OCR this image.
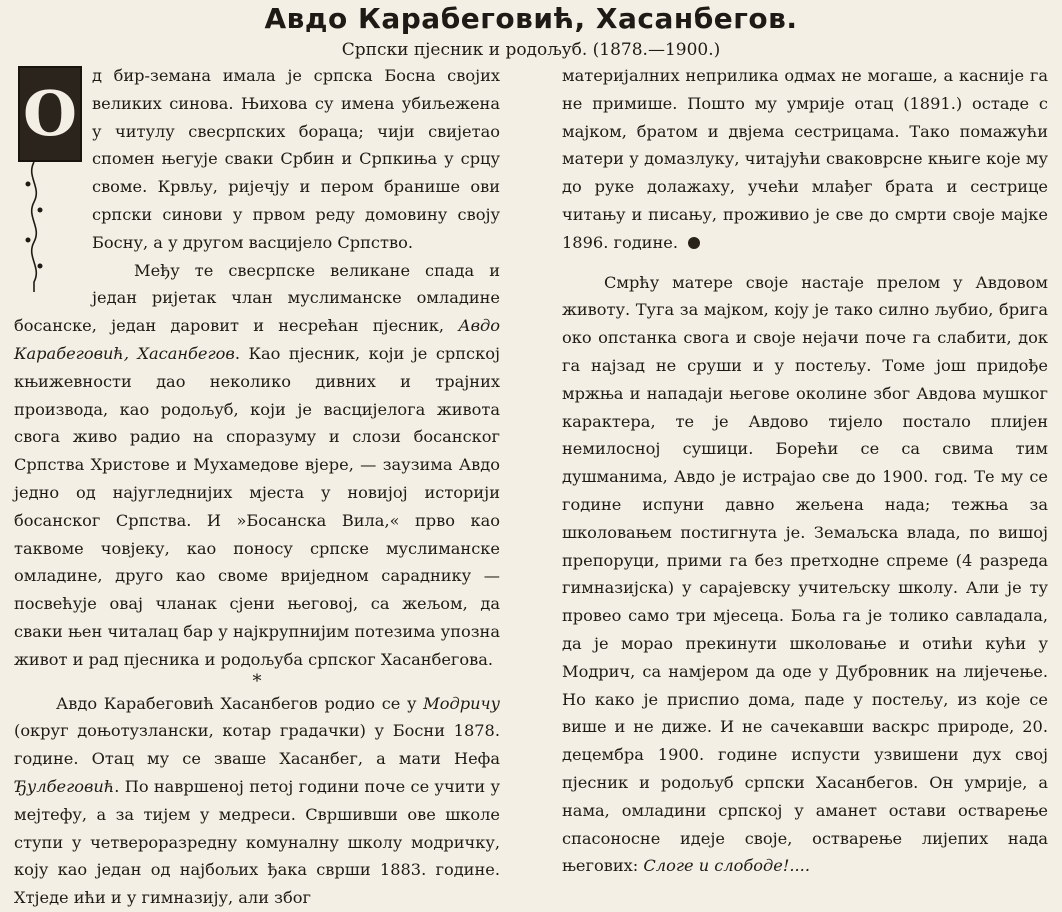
Авдо Карабеговић, Хасанбегов.
Српски пјесник и родољуб. (1878.—1900.)
О

д бир-земана имала је српска Босна својих великих синова. Њихова су имена убиљежена у читулу свесрпских бораца; чији свијетао спомен његује сваки Србин и Српкиња у срцу своме. Крвљу, ријечју и пером бранише ови српски синови у првом реду домовину своју Босну, а у другом васцијело Српство.

Међу те свесрпске великане спада и један ријетак члан муслиманске омладине босанске, један даровит и несрећан пјесник, Авдо Карабеговић, Хасанбегов. Као пјесник, који је српској књижевности дао неколико дивних и трајних производа, као родољуб, који је васцијелога живота свога живо радио на споразуму и слози босанског Српства Христове и Мухамедове вјере, — заузима Авдо једно од најугледнијих мјеста у новијој историји босанског Српства. И »Босанска Вила,« прво као таквоме човјеку, као поносу српске муслиманске омладине, друго као своме вриједном сараднику — посвећује овај чланак сјени његовој, са жељом, да сваки њен читалац бар у најкрупнијим потезима упозна живот и рад пјесника и родољуба српског Хасанбегова.

*

Авдо Карабеговић Хасанбегов родио се у Модричу (округ доњотузлански, котар градачки) у Босни 1878. године. Отац му се зваше Хасанбег, а мати Нефа Ђулбеговић. По навршеној петој години поче се учити у мејтефу, а за тијем у медреси. Свршивши ове школе ступи у четвероразредну комуналну школу модричку, коју као један од најбољих ђака сврши 1883. године. Хтједе ићи и у гимназију, али због

материјалних неприлика одмах не могаше, а касније га не примише. Пошто му умрије отац (1891.) остаде с мајком, братом и двјема сестрицама. Тако помажући матери у домазлуку, читајући сваковрсне књиге које му до руке долажаху, учећи млађег брата и сестрице читању и писању, проживио је све до смрти своје мајке 1896. године.

Смрћу матере своје настаје прелом у Авдовом животу. Туга за мајком, коју је тако силно љубио, брига око опстанка свога и своје нејачи поче га слабити, док га најзад не сруши и у постељу. Томе још придође мржња и нападаји његове околине због Авдова мушког карактера, те је Авдово тијело постало плијен немилосној сушици. Борећи се са свима тим душманима, Авдо је истрајао све до 1900. год. Те му се године испуни давно жељена нада; тежња за школовањем постигнута је. Земаљска влада, по вишој препоруци, прими га без претходне спреме (4 разреда гимназијска) у сарајевску учитељску школу. Али је ту провео само три мјесеца. Боља га је толико савладала, да је морао прекинути школовање и отићи кући у Модрич, са намјером да оде у Дубровник на лијечење. Но како је приспио дома, паде у постељу, из које се више и не диже. И не сачекавши васкрс природе, 20. децембра 1900. године испусти узвишени дух свој пјесник и родољуб српски Хасанбегов. Он умрије, а нама, омладини српској у аманет остави остварење спасоносне идеје своје, остварење лијепих нада његових: Слоге и слободе!....
